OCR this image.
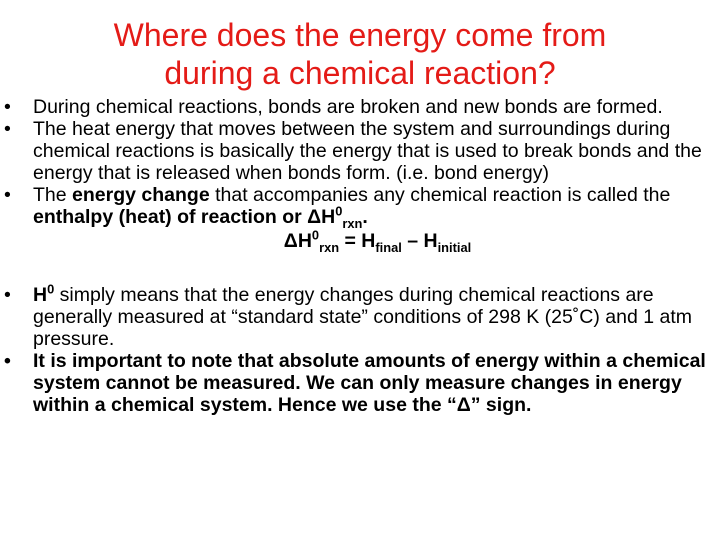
Where does the energy come from
during a chemical reaction?
• During chemical reactions, bonds are broken and new bonds are formed.
• The heat energy that moves between the system and surroundings during chemical reactions is basically the energy that is used to break bonds and the energy that is released when bonds form. (i.e. bond energy)
• The energy change that accompanies any chemical reaction is called the enthalpy (heat) of reaction or $\Delta H^0_{rxn}$.
$\Delta H^0_{rxn} = H_{final} - H_{initial}$
• $H^0$ simply means that the energy changes during chemical reactions are generally measured at “standard state” conditions of 298 K (25˚C) and 1 atm pressure.
• It is important to note that absolute amounts of energy within a chemical system cannot be measured. We can only measure changes in energy within a chemical system. Hence we use the “Δ” sign.
